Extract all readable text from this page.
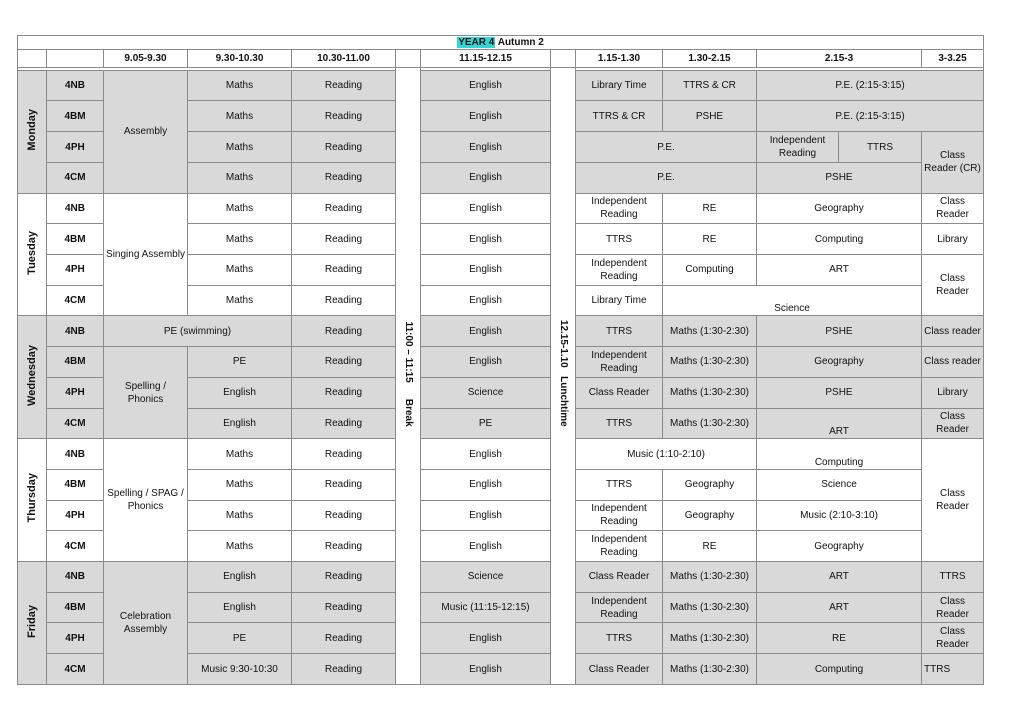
YEAR 4 Autumn 2												
		9.05-9.30	9.30-10.30	10.30-11.00		11.15-12.15		1.15-1.30	1.30-2.15	2.15-3		3-3.25
					Break      11:00 – 11:15		Lunchtime   12.15-1.10					
Monday	4NB	Assembly	Maths	Reading		English		Library Time	TTRS & CR	P.E. (2:15-3:15)		
	4BM		Maths	Reading		English		TTRS & CR	PSHE	P.E. (2:15-3:15)		
	4PH		Maths	Reading		English		P.E.		Independent Reading	TTRS	Class Reader (CR)
	4CM		Maths	Reading		English		P.E.		PSHE		
Tuesday	4NB	Singing Assembly	Maths	Reading		English		Independent Reading	RE	Geography		Class Reader
	4BM		Maths	Reading		English		TTRS	RE	Computing		Library
	4PH		Maths	Reading		English		Independent Reading	Computing	ART		Class Reader
	4CM		Maths	Reading		English		Library Time	Science			
Wednesday	4NB	PE (swimming)		Reading		English		TTRS	Maths (1:30-2:30)	PSHE		Class reader
	4BM	Spelling / Phonics	PE	Reading		English		Independent Reading	Maths (1:30-2:30)	Geography		Class reader
	4PH		English	Reading		Science		Class Reader	Maths (1:30-2:30)	PSHE		Library
	4CM		English	Reading		PE		TTRS	Maths (1:30-2:30)	ART		Class Reader
Thursday	4NB	Spelling / SPAG / Phonics	Maths	Reading		English		Music (1:10-2:10)		Computing		Class Reader
	4BM		Maths	Reading		English		TTRS	Geography	Science		
	4PH		Maths	Reading		English		Independent Reading	Geography	Music (2:10-3:10)		
	4CM		Maths	Reading		English		Independent Reading	RE	Geography		
Friday	4NB	Celebration Assembly	English	Reading		Science		Class Reader	Maths (1:30-2:30)	ART		TTRS
	4BM		English	Reading		Music (11:15-12:15)		Independent Reading	Maths (1:30-2:30)	ART		Class Reader
	4PH		PE	Reading		English		TTRS	Maths (1:30-2:30)	RE		Class Reader
	4CM		Music 9:30-10:30	Reading		English		Class Reader	Maths (1:30-2:30)	Computing		TTRS
